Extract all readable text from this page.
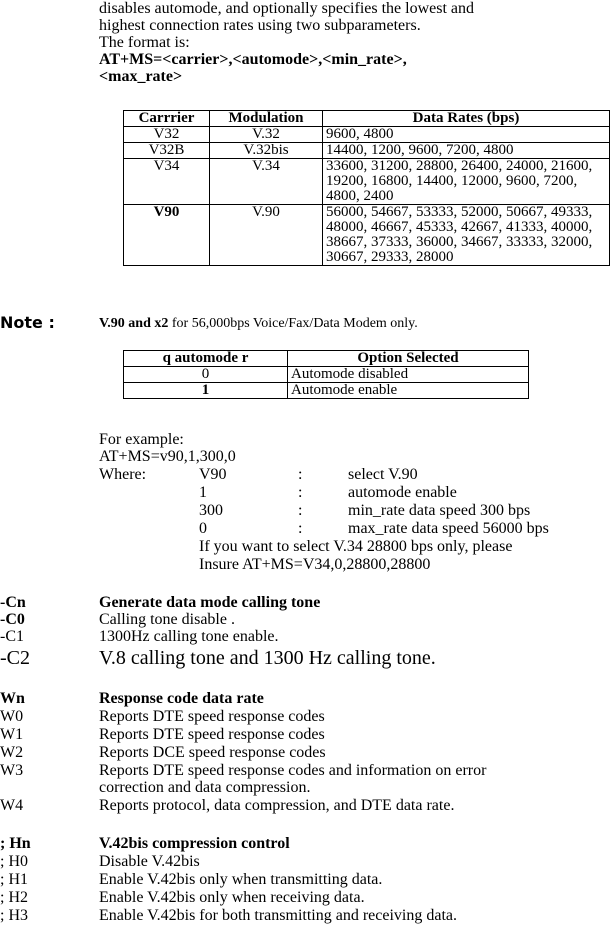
disables automode, and optionally specifies the lowest and
highest connection rates using two subparameters.
The format is:
AT+MS=<carrier>,<automode>,<min_rate>,
<max_rate>
Carrrier	Modulation	Data Rates (bps)
V32	V.32	9600, 4800
V32B	V.32bis	14400, 1200, 9600, 7200, 4800
V34	V.34	33600, 31200, 28800, 26400, 24000, 21600, 19200, 16800, 14400, 12000, 9600, 7200, 4800, 2400
V90	V.90	56000, 54667, 53333, 52000, 50667, 49333, 48000, 46667, 45333, 42667, 41333, 40000, 38667, 37333, 36000, 34667, 33333, 32000, 30667, 29333, 28000
Note :	V.90 and x2 for 56,000bps Voice/Fax/Data Modem only.
q automode r	Option Selected
0	Automode disabled
1	Automode enable
For example:
AT+MS=v90,1,300,0
Where:	V90	:	select V.90
1	:	automode enable
300	:	min_rate data speed 300 bps
0	:	max_rate data speed 56000 bps
If you want to select V.34 28800 bps only, please
Insure AT+MS=V34,0,28800,28800
-Cn	Generate data mode calling tone
-C0	Calling tone disable .
-C1	1300Hz calling tone enable.
-C2	V.8 calling tone and 1300 Hz calling tone.
Wn	Response code data rate
W0	Reports DTE speed response codes
W1	Reports DTE speed response codes
W2	Reports DCE speed response codes
W3	Reports DTE speed response codes and information on error
correction and data compression.
W4	Reports protocol, data compression, and DTE data rate.
; Hn	V.42bis compression control
; H0	Disable V.42bis
; H1	Enable V.42bis only when transmitting data.
; H2	Enable V.42bis only when receiving data.
; H3	Enable V.42bis for both transmitting and receiving data.
